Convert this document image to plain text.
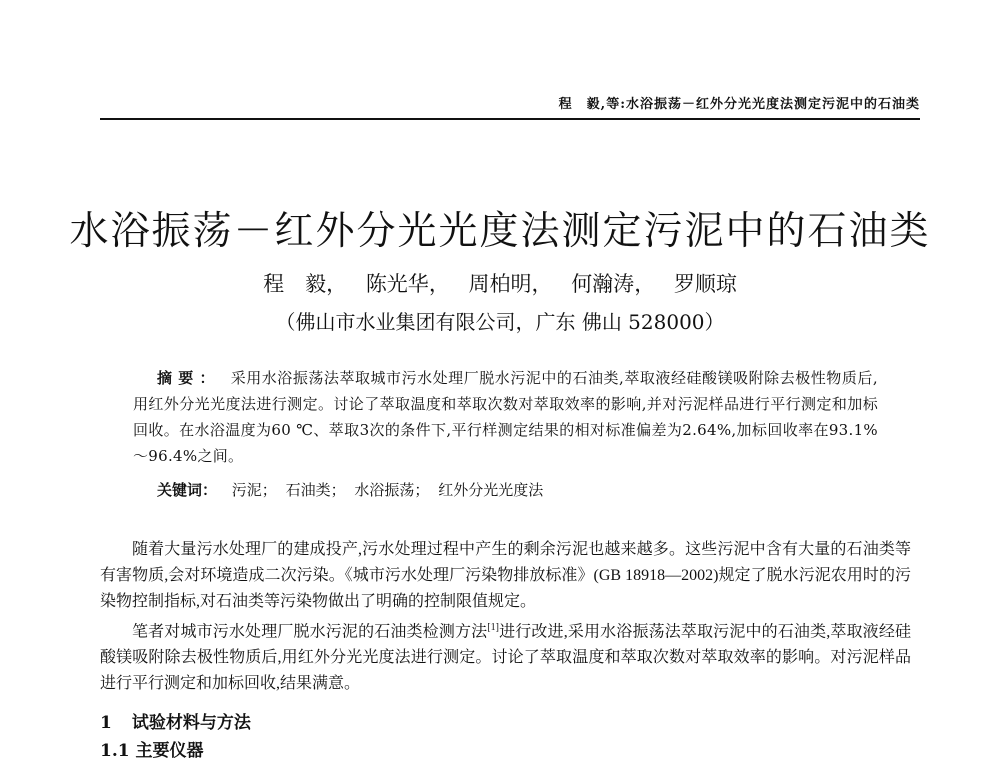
程　毅,等:水浴振荡－红外分光光度法测定污泥中的石油类
水浴振荡－红外分光光度法测定污泥中的石油类
程　毅， 陈光华， 周柏明， 何瀚涛， 罗顺琼
（佛山市水业集团有限公司，广东 佛山 528000）
摘要： 采用水浴振荡法萃取城市污水处理厂脱水污泥中的石油类,萃取液经硅酸镁吸附除去极性物质后,用红外分光光度法进行测定。讨论了萃取温度和萃取次数对萃取效率的影响,并对污泥样品进行平行测定和加标回收。在水浴温度为60 ℃、萃取3次的条件下,平行样测定结果的相对标准偏差为2.64%,加标回收率在93.1%～96.4%之间。
关键词： 污泥； 石油类； 水浴振荡； 红外分光光度法

随着大量污水处理厂的建成投产,污水处理过程中产生的剩余污泥也越来越多。这些污泥中含有大量的石油类等有害物质,会对环境造成二次污染。《城市污水处理厂污染物排放标准》(GB 18918—2002)规定了脱水污泥农用时的污染物控制指标,对石油类等污染物做出了明确的控制限值规定。

笔者对城市污水处理厂脱水污泥的石油类检测方法[1]进行改进,采用水浴振荡法萃取污泥中的石油类,萃取液经硅酸镁吸附除去极性物质后,用红外分光光度法进行测定。讨论了萃取温度和萃取次数对萃取效率的影响。对污泥样品进行平行测定和加标回收,结果满意。

1 试验材料与方法
1.1 主要仪器
